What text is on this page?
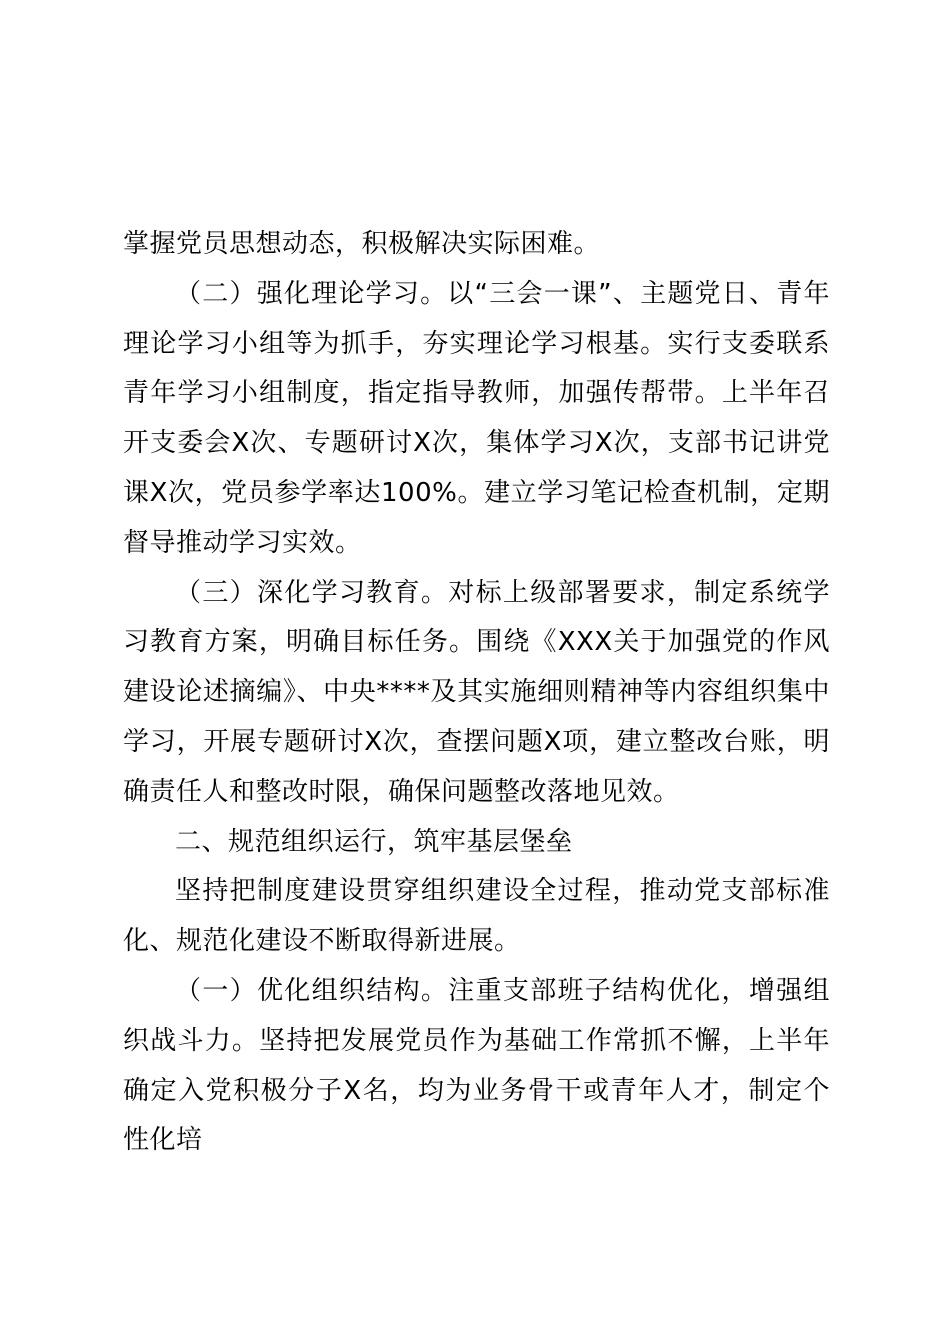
掌握党员思想动态，积极解决实际困难。

（二）强化理论学习。以“三会一课”、主题党日、青年理论学习小组等为抓手，夯实理论学习根基。实行支委联系青年学习小组制度，指定指导教师，加强传帮带。上半年召开支委会X次、专题研讨X次，集体学习X次，支部书记讲党课X次，党员参学率达100%。建立学习笔记检查机制，定期督导推动学习实效。

（三）深化学习教育。对标上级部署要求，制定系统学习教育方案，明确目标任务。围绕《XXX关于加强党的作风建设论述摘编》、中央****及其实施细则精神等内容组织集中学习，开展专题研讨X次，查摆问题X项，建立整改台账，明确责任人和整改时限，确保问题整改落地见效。

二、规范组织运行，筑牢基层堡垒

坚持把制度建设贯穿组织建设全过程，推动党支部标准化、规范化建设不断取得新进展。

（一）优化组织结构。注重支部班子结构优化，增强组织战斗力。坚持把发展党员作为基础工作常抓不懈，上半年确定入党积极分子X名，均为业务骨干或青年人才，制定个性化培
